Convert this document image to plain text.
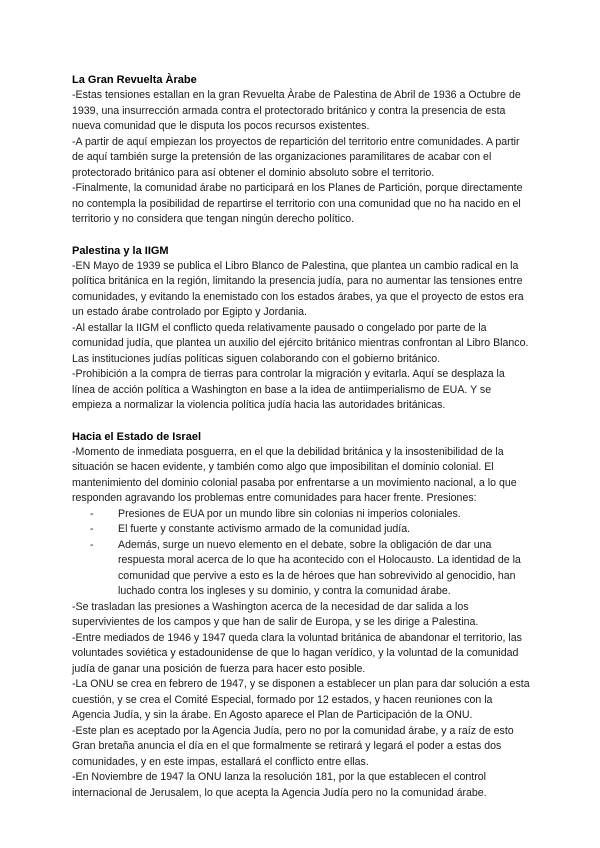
La Gran Revuelta Àrabe

-Estas tensiones estallan en la gran Revuelta Àrabe de Palestina de Abril de 1936 a Octubre de 1939, una insurrección armada contra el protectorado británico y contra la presencia de esta nueva comunidad que le disputa los pocos recursos existentes.

-A partir de aquí empiezan los proyectos de repartición del territorio entre comunidades. A partir de aquí también surge la pretensión de las organizaciones paramilitares de acabar con el protectorado británico para así obtener el dominio absoluto sobre el territorio.

-Finalmente, la comunidad árabe no participará en los Planes de Partición, porque directamente no contempla la posibilidad de repartirse el territorio con una comunidad que no ha nacido en el territorio y no considera que tengan ningún derecho político.

Palestina y la IIGM

-EN Mayo de 1939 se publica el Libro Blanco de Palestina, que plantea un cambio radical en la política británica en la región, limitando la presencia judía, para no aumentar las tensiones entre comunidades, y evitando la enemistado con los estados árabes, ya que el proyecto de estos era un estado árabe controlado por Egipto y Jordania.

-Al estallar la IIGM el conflicto queda relativamente pausado o congelado por parte de la comunidad judía, que plantea un auxilio del ejército británico mientras confrontan al Libro Blanco. Las instituciones judías políticas siguen colaborando con el gobierno británico.

-Prohibición a la compra de tierras para controlar la migración y evitarla. Aquí se desplaza la línea de acción política a Washington en base a la idea de antiimperialismo de EUA. Y se empieza a normalizar la violencia política judía hacia las autoridades británicas.

Hacia el Estado de Israel

-Momento de inmediata posguerra, en el que la debilidad británica y la insostenibilidad de la situación se hacen evidente, y también como algo que imposibilitan el dominio colonial. El mantenimiento del dominio colonial pasaba por enfrentarse a un movimiento nacional, a lo que responden agravando los problemas entre comunidades para hacer frente. Presiones:

- Presiones de EUA por un mundo libre sin colonias ni imperios coloniales.
- El fuerte y constante activismo armado de la comunidad judía.
- Además, surge un nuevo elemento en el debate, sobre la obligación de dar una respuesta moral acerca de lo que ha acontecido con el Holocausto. La identidad de la comunidad que pervive a esto es la de héroes que han sobrevivido al genocidio, han luchado contra los ingleses y su dominio, y contra la comunidad árabe.

-Se trasladan las presiones a Washington acerca de la necesidad de dar salida a los supervivientes de los campos y que han de salir de Europa, y se les dirige a Palestina.

-Entre mediados de 1946 y 1947 queda clara la voluntad británica de abandonar el territorio, las voluntades soviética y estadounidense de que lo hagan verídico, y la voluntad de la comunidad judía de ganar una posición de fuerza para hacer esto posible.

-La ONU se crea en febrero de 1947, y se disponen a establecer un plan para dar solución a esta cuestión, y se crea el Comité Especial, formado por 12 estados, y hacen reuniones con la Agencia Judía, y sin la árabe. En Agosto aparece el Plan de Participación de la ONU.

-Este plan es aceptado por la Agencia Judía, pero no por la comunidad árabe, y a raíz de esto Gran bretaña anuncia el día en el que formalmente se retirará y legará el poder a estas dos comunidades, y en este impas, estallará el conflicto entre ellas.

-En Noviembre de 1947 la ONU lanza la resolución 181, por la que establecen el control internacional de Jerusalem, lo que acepta la Agencia Judía pero no la comunidad árabe.
